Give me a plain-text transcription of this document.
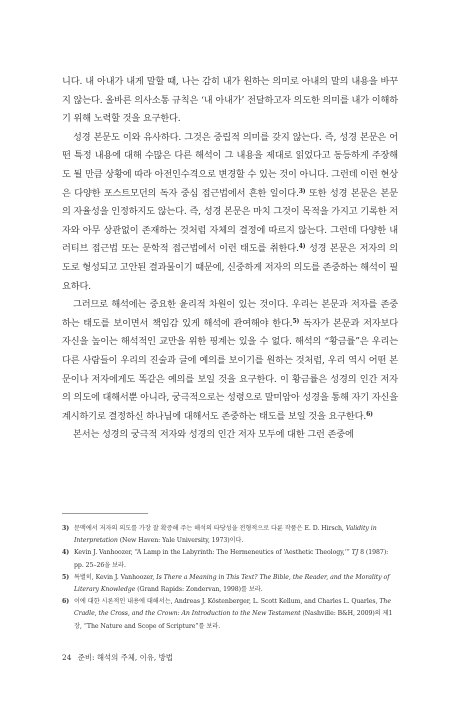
니다. 내 아내가 내게 말할 때, 나는 감히 내가 원하는 의미로 아내의 말의 내용을 바꾸지 않는다. 올바른 의사소통 규칙은 ‘내 아내가’ 전달하고자 의도한 의미를 내가 이해하기 위해 노력할 것을 요구한다.

성경 본문도 이와 유사하다. 그것은 중립적 의미를 갖지 않는다. 즉, 성경 본문은 어떤 특정 내용에 대해 수많은 다른 해석이 그 내용을 제대로 읽었다고 동등하게 주장해도 될 만큼 상황에 따라 아전인수격으로 변경할 수 있는 것이 아니다. 그런데 이런 현상은 다양한 포스트모던의 독자 중심 접근법에서 흔한 일이다.$^{3)}$ 또한 성경 본문은 본문의 자율성을 인정하지도 않는다. 즉, 성경 본문은 마치 그것이 목적을 가지고 기록한 저자와 아무 상관없이 존재하는 것처럼 자체의 결정에 따르지 않는다. 그런데 다양한 내러티브 접근법 또는 문학적 접근법에서 이런 태도를 취한다.$^{4)}$ 성경 본문은 저자의 의도로 형성되고 고안된 결과물이기 때문에, 신중하게 저자의 의도를 존중하는 해석이 필요하다.

그러므로 해석에는 중요한 윤리적 차원이 있는 것이다. 우리는 본문과 저자를 존중하는 태도를 보이면서 책임감 있게 해석에 관여해야 한다.$^{5)}$ 독자가 본문과 저자보다 자신을 높이는 해석적인 교만을 위한 핑계는 있을 수 없다. 해석의 “황금률”은 우리는 다른 사람들이 우리의 진술과 글에 예의를 보이기를 원하는 것처럼, 우리 역시 어떤 본문이나 저자에게도 똑같은 예의를 보일 것을 요구한다. 이 황금률은 성경의 인간 저자의 의도에 대해서뿐 아니라, 궁극적으로는 성령으로 말미암아 성경을 통해 자기 자신을 계시하기로 결정하신 하나님에 대해서도 존중하는 태도를 보일 것을 요구한다.$^{6)}$

본서는 성경의 궁극적 저자와 성경의 인간 저자 모두에 대한 그런 존중에

3) 문맥에서 저자의 의도를 가장 잘 확증해 주는 해석의 타당성을 전형적으로 다룬 작품은 E. D. Hirsch, Validity in Interpretation (New Haven: Yale University, 1973)이다.

4) Kevin J. Vanhoozer, “A Lamp in the Labyrinth: The Hermeneutics of ‘Aesthetic Theology,’” TJ 8 (1987): pp. 25–26을 보라.

5) 특별히, Kevin J. Vanhoozer, Is There a Meaning in This Text? The Bible, the Reader, and the Morality of Literary Knowledge (Grand Rapids: Zondervan, 1998)를 보라.

6) 이에 대한 시론적인 내용에 대해서는, Andreas J. Köstenberger, L. Scott Kellum, and Charles L. Quarles, The Cradle, the Cross, and the Crown: An Introduction to the New Testament (Nashville: B&H, 2009)의 제1장, “The Nature and Scope of Scripture”를 보라.

24 준비: 해석의 주체, 이유, 방법
